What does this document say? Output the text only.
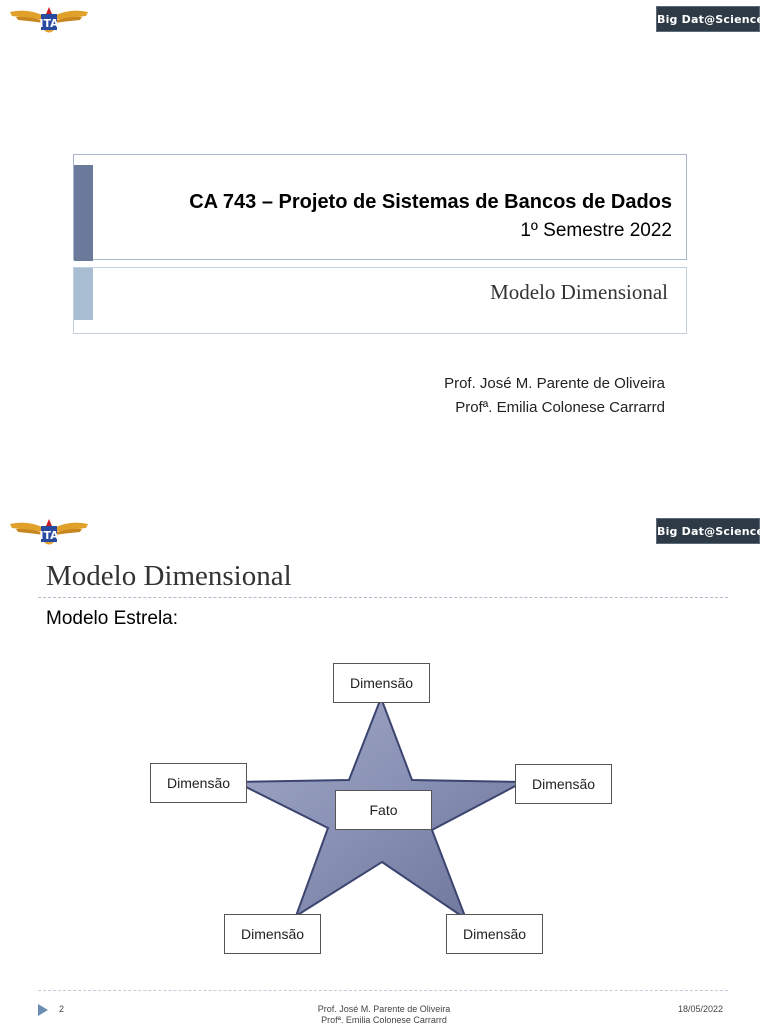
ITA	Big Dat@Science
CA 743 – Projeto de Sistemas de Bancos de Dados
1º Semestre 2022
Modelo Dimensional
Prof. José M. Parente de Oliveira
Profª. Emilia Colonese Carrarrd
ITA	Big Dat@Science
Modelo Dimensional
Modelo Estrela:
Dimensão
Dimensão	Dimensão
Fato
Dimensão	Dimensão
2	Prof. José M. Parente de Oliveira
Profª. Emilia Colonese Carrarrd
18/05/2022
